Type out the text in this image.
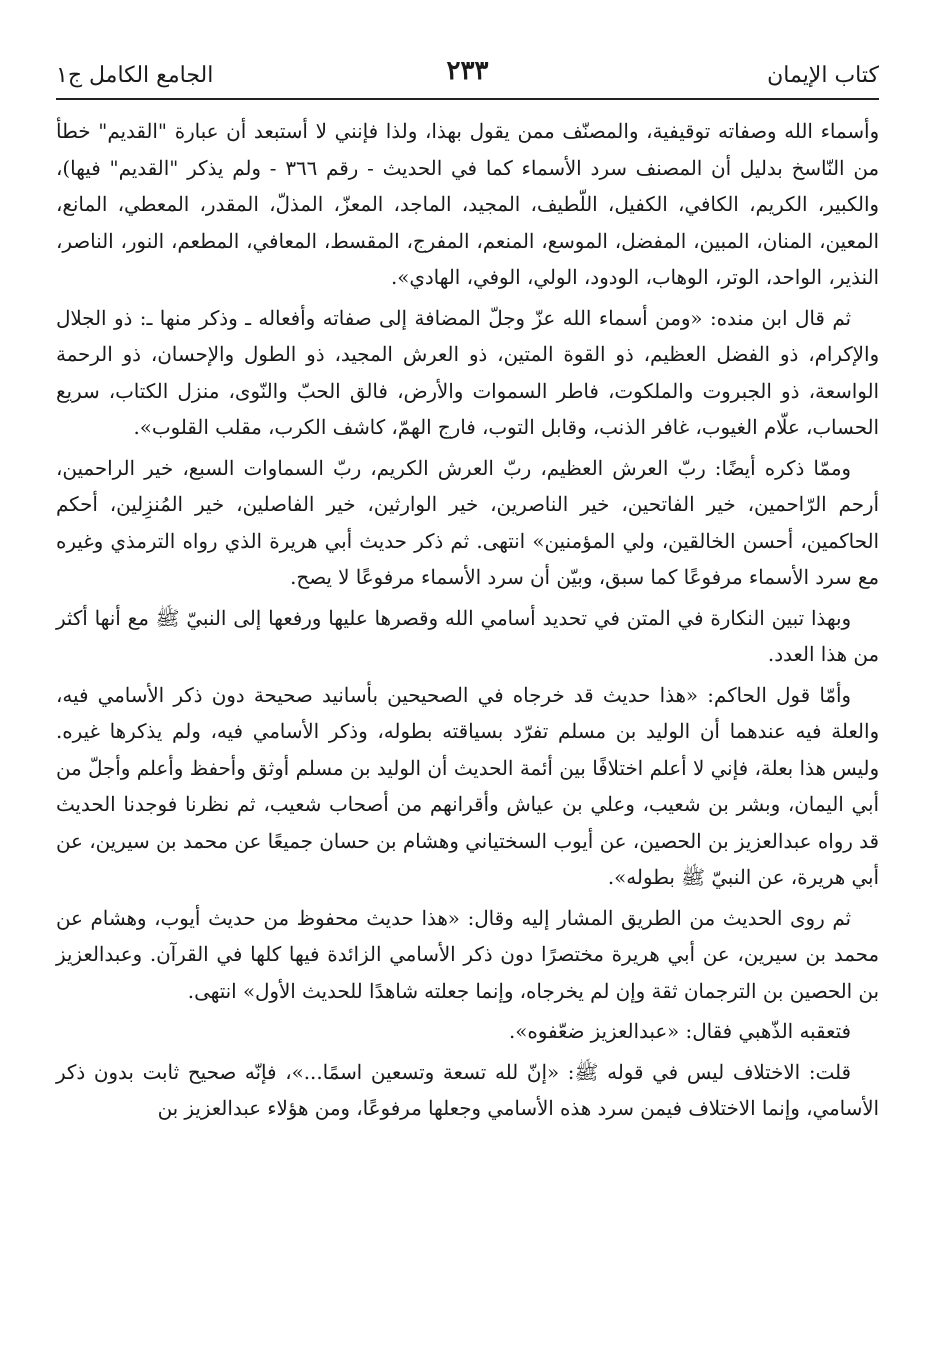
كتاب الإيمان
٢٣٣
الجامع الكامل ج١

وأسماء الله وصفاته توقيفية، والمصنّف ممن يقول بهذا، ولذا فإنني لا أستبعد أن عبارة "القديم" خطأ من النّاسخ بدليل أن المصنف سرد الأسماء كما في الحديث - رقم ٣٦٦ - ولم يذكر "القديم" فيها)، والكبير، الكريم، الكافي، الكفيل، اللّطيف، المجيد، الماجد، المعزّ، المذلّ، المقدر، المعطي، المانع، المعين، المنان، المبين، المفضل، الموسع، المنعم، المفرج، المقسط، المعافي، المطعم، النور، الناصر، النذير، الواحد، الوتر، الوهاب، الودود، الولي، الوفي، الهادي».

ثم قال ابن منده: «ومن أسماء الله عزّ وجلّ المضافة إلى صفاته وأفعاله ـ وذكر منها ـ: ذو الجلال والإكرام، ذو الفضل العظيم، ذو القوة المتين، ذو العرش المجيد، ذو الطول والإحسان، ذو الرحمة الواسعة، ذو الجبروت والملكوت، فاطر السموات والأرض، فالق الحبّ والنّوى، منزل الكتاب، سريع الحساب، علّام الغيوب، غافر الذنب، وقابل التوب، فارج الهمّ، كاشف الكرب، مقلب القلوب».

وممّا ذكره أيضًا: ربّ العرش العظيم، ربّ العرش الكريم، ربّ السماوات السبع، خير الراحمين، أرحم الرّاحمين، خير الفاتحين، خير الناصرين، خير الوارثين، خير الفاصلين، خير المُنزِلين، أحكم الحاكمين، أحسن الخالقين، ولي المؤمنين» انتهى. ثم ذكر حديث أبي هريرة الذي رواه الترمذي وغيره مع سرد الأسماء مرفوعًا كما سبق، وبيّن أن سرد الأسماء مرفوعًا لا يصح.

وبهذا تبين النكارة في المتن في تحديد أسامي الله وقصرها عليها ورفعها إلى النبيّ ﷺ مع أنها أكثر من هذا العدد.

وأمّا قول الحاكم: «هذا حديث قد خرجاه في الصحيحين بأسانيد صحيحة دون ذكر الأسامي فيه، والعلة فيه عندهما أن الوليد بن مسلم تفرّد بسياقته بطوله، وذكر الأسامي فيه، ولم يذكرها غيره. وليس هذا بعلة، فإني لا أعلم اختلافًا بين أئمة الحديث أن الوليد بن مسلم أوثق وأحفظ وأعلم وأجلّ من أبي اليمان، وبشر بن شعيب، وعلي بن عياش وأقرانهم من أصحاب شعيب، ثم نظرنا فوجدنا الحديث قد رواه عبدالعزيز بن الحصين، عن أيوب السختياني وهشام بن حسان جميعًا عن محمد بن سيرين، عن أبي هريرة، عن النبيّ ﷺ بطوله».

ثم روى الحديث من الطريق المشار إليه وقال: «هذا حديث محفوظ من حديث أيوب، وهشام عن محمد بن سيرين، عن أبي هريرة مختصرًا دون ذكر الأسامي الزائدة فيها كلها في القرآن. وعبدالعزيز بن الحصين بن الترجمان ثقة وإن لم يخرجاه، وإنما جعلته شاهدًا للحديث الأول» انتهى.

فتعقبه الذّهبي فقال: «عبدالعزيز ضعّفوه».

قلت: الاختلاف ليس في قوله ﷺ: «إنّ لله تسعة وتسعين اسمًا...»، فإنّه صحيح ثابت بدون ذكر الأسامي، وإنما الاختلاف فيمن سرد هذه الأسامي وجعلها مرفوعًا، ومن هؤلاء عبدالعزيز بن
